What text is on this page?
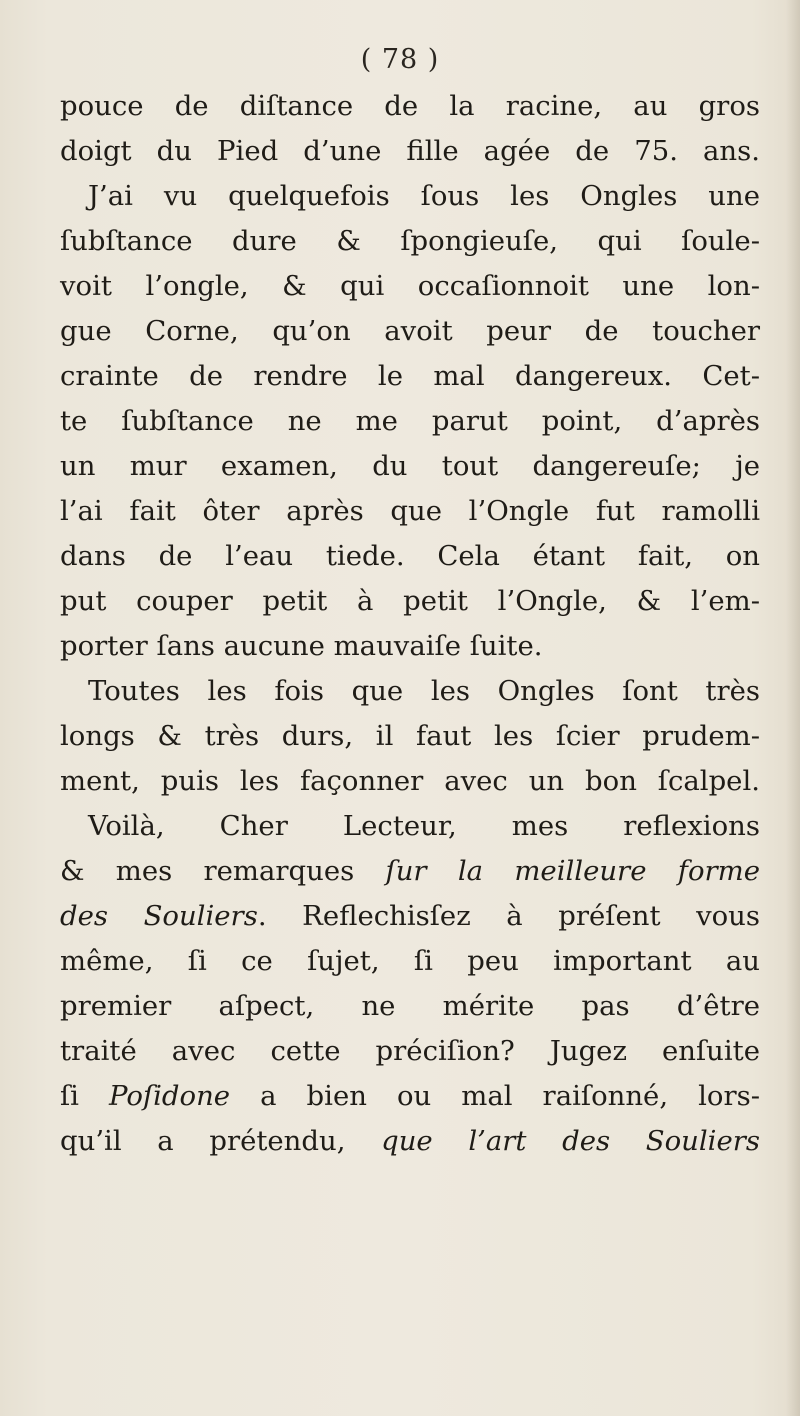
( 78 )
pouce de diſtance de la racine, au gros
doigt du Pied d’une fille agée de 75. ans.
J’ai vu quelquefois ſous les Ongles une
ſubſtance dure & ſpongieuſe, qui ſoule-
voit l’ongle, & qui occaſionnoit une lon-
gue Corne, qu’on avoit peur de toucher
crainte de rendre le mal dangereux. Cet-
te ſubſtance ne me parut point, d’après
un mur examen, du tout dangereuſe; je
l’ai fait ôter après que l’Ongle fut ramolli
dans de l’eau tiede. Cela étant fait, on
put couper petit à petit l’Ongle, & l’em-
porter ſans aucune mauvaiſe ſuite.
Toutes les fois que les Ongles ſont très
longs & très durs, il faut les ſcier prudem-
ment, puis les façonner avec un bon ſcalpel.
Voilà, Cher Lecteur, mes reflexions
& mes remarques ſur la meilleure forme
des Souliers. Reflechisſez à préſent vous
même, ſi ce ſujet, ſi peu important au
premier aſpect, ne mérite pas d’être
traité avec cette préciſion? Jugez enſuite
ſi Poſidone a bien ou mal raiſonné, lors-
qu’il a prétendu, que l’art des Souliers
